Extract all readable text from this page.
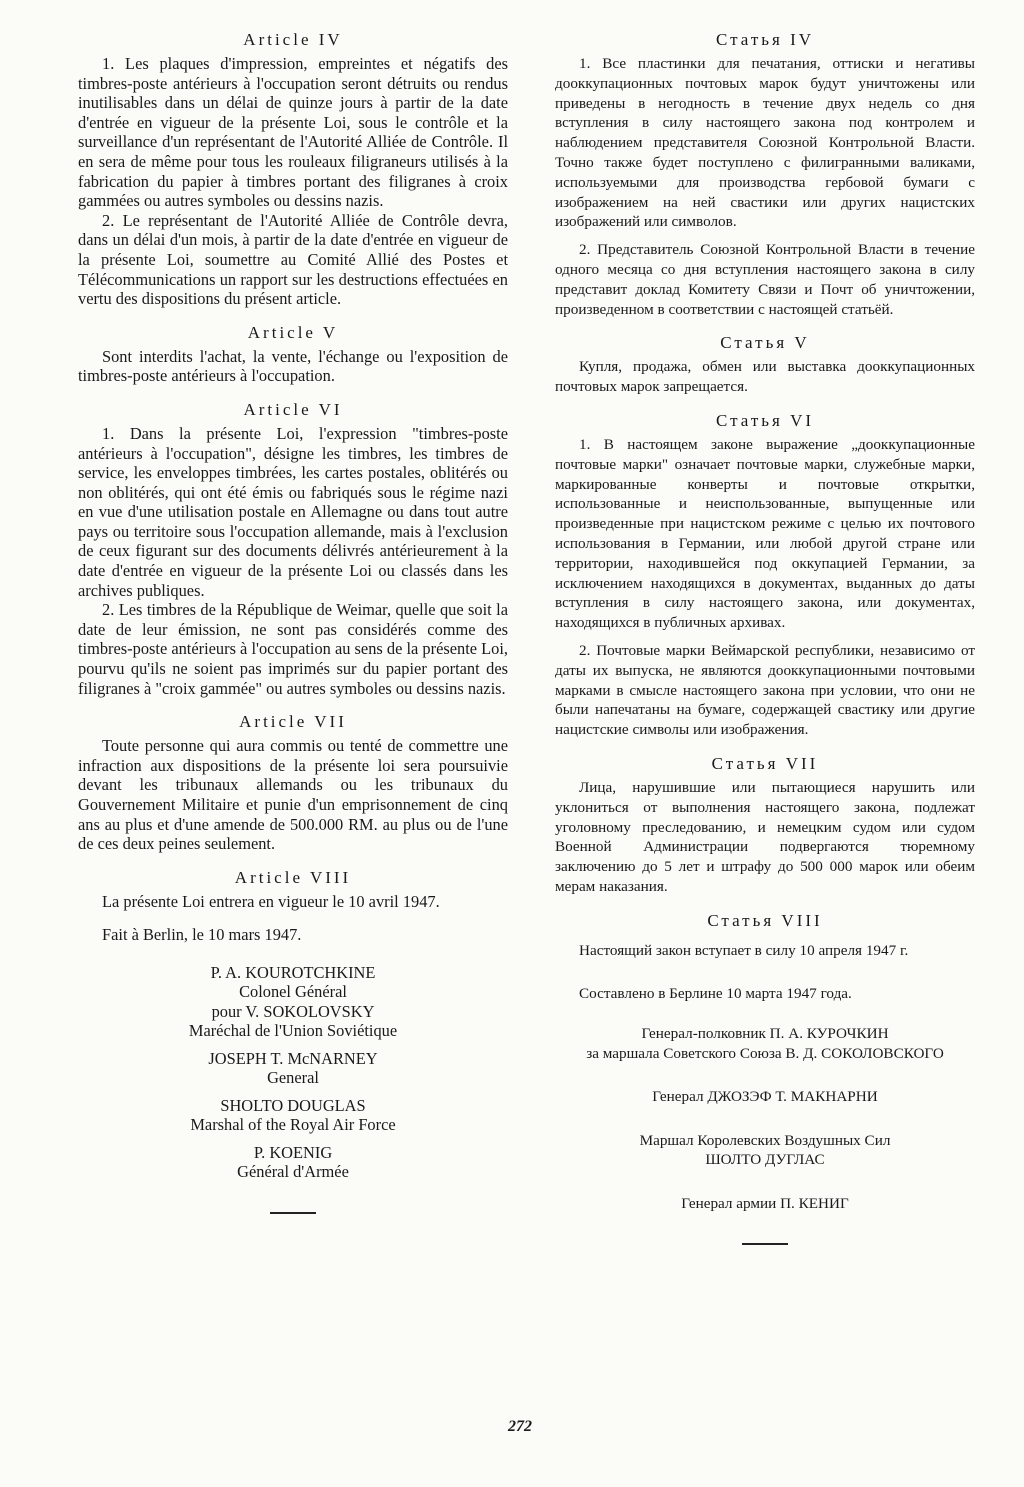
Article IV

1. Les plaques d'impression, empreintes et négatifs des timbres-poste antérieurs à l'occupation seront détruits ou rendus inutilisables dans un délai de quinze jours à partir de la date d'entrée en vigueur de la présente Loi, sous le contrôle et la surveillance d'un représentant de l'Autorité Alliée de Contrôle. Il en sera de même pour tous les rouleaux filigraneurs utilisés à la fabrication du papier à timbres portant des filigranes à croix gammées ou autres symboles ou dessins nazis.

2. Le représentant de l'Autorité Alliée de Contrôle devra, dans un délai d'un mois, à partir de la date d'entrée en vigueur de la présente Loi, soumettre au Comité Allié des Postes et Télécommunications un rapport sur les destructions effectuées en vertu des dispositions du présent article.

Article V

Sont interdits l'achat, la vente, l'échange ou l'exposition de timbres-poste antérieurs à l'occupation.

Article VI

1. Dans la présente Loi, l'expression "timbres-poste antérieurs à l'occupation", désigne les timbres, les timbres de service, les enveloppes timbrées, les cartes postales, oblitérés ou non oblitérés, qui ont été émis ou fabriqués sous le régime nazi en vue d'une utilisation postale en Allemagne ou dans tout autre pays ou territoire sous l'occupation allemande, mais à l'exclusion de ceux figurant sur des documents délivrés antérieurement à la date d'entrée en vigueur de la présente Loi ou classés dans les archives publiques.

2. Les timbres de la République de Weimar, quelle que soit la date de leur émission, ne sont pas considérés comme des timbres-poste antérieurs à l'occupation au sens de la présente Loi, pourvu qu'ils ne soient pas imprimés sur du papier portant des filigranes à "croix gammée" ou autres symboles ou dessins nazis.

Article VII

Toute personne qui aura commis ou tenté de commettre une infraction aux dispositions de la présente loi sera poursuivie devant les tribunaux allemands ou les tribunaux du Gouvernement Militaire et punie d'un emprisonnement de cinq ans au plus et d'une amende de 500.000 RM. au plus ou de l'une de ces deux peines seulement.

Article VIII

La présente Loi entrera en vigueur le 10 avril 1947.

Fait à Berlin, le 10 mars 1947.

P. A. KOUROTCHKINE
Colonel Général
pour V. SOKOLOVSKY
Maréchal de l'Union Soviétique
JOSEPH T. McNARNEY
General
SHOLTO DOUGLAS
Marshal of the Royal Air Force
P. KOENIG
Général d'Armée
Статья IV

1. Все пластинки для печатания, оттиски и негативы дооккупационных почтовых марок будут уничтожены или приведены в негодность в течение двух недель со дня вступления в силу настоящего закона под контролем и наблюдением представителя Союзной Контрольной Власти. Точно также будет поступлено с филигранными валиками, используемыми для производства гербовой бумаги с изображением на ней свастики или других нацистских изображений или символов.

2. Представитель Союзной Контрольной Власти в течение одного месяца со дня вступления настоящего закона в силу представит доклад Комитету Связи и Почт об уничтожении, произведенном в соответствии с настоящей статьёй.

Статья V

Купля, продажа, обмен или выставка дооккупационных почтовых марок запрещается.

Статья VI

1. В настоящем законе выражение „дооккупационные почтовые марки" означает почтовые марки, служебные марки, маркированные конверты и почтовые открытки, использованные и неиспользованные, выпущенные или произведенные при нацистском режиме с целью их почтового использования в Германии, или любой другой стране или территории, находившейся под оккупацией Германии, за исключением находящихся в документах, выданных до даты вступления в силу настоящего закона, или документах, находящихся в публичных архивах.

2. Почтовые марки Веймарской республики, независимо от даты их выпуска, не являются дооккупационными почтовыми марками в смысле настоящего закона при условии, что они не были напечатаны на бумаге, содержащей свастику или другие нацистские символы или изображения.

Статья VII

Лица, нарушившие или пытающиеся нарушить или уклониться от выполнения настоящего закона, подлежат уголовному преследованию, и немецким судом или судом Военной Администрации подвергаются тюремному заключению до 5 лет и штрафу до 500 000 марок или обеим мерам наказания.

Статья VIII

Настоящий закон вступает в силу 10 апреля 1947 г.

Составлено в Берлине 10 марта 1947 года.

Генерал-полковник П. А. КУРОЧКИН
за маршала Советского Союза В. Д. СОКОЛОВСКОГО
Генерал ДЖОЗЭФ Т. МАКНАРНИ
Маршал Королевских Воздушных Сил
ШОЛТО ДУГЛАС
Генерал армии П. КЕНИГ
272
